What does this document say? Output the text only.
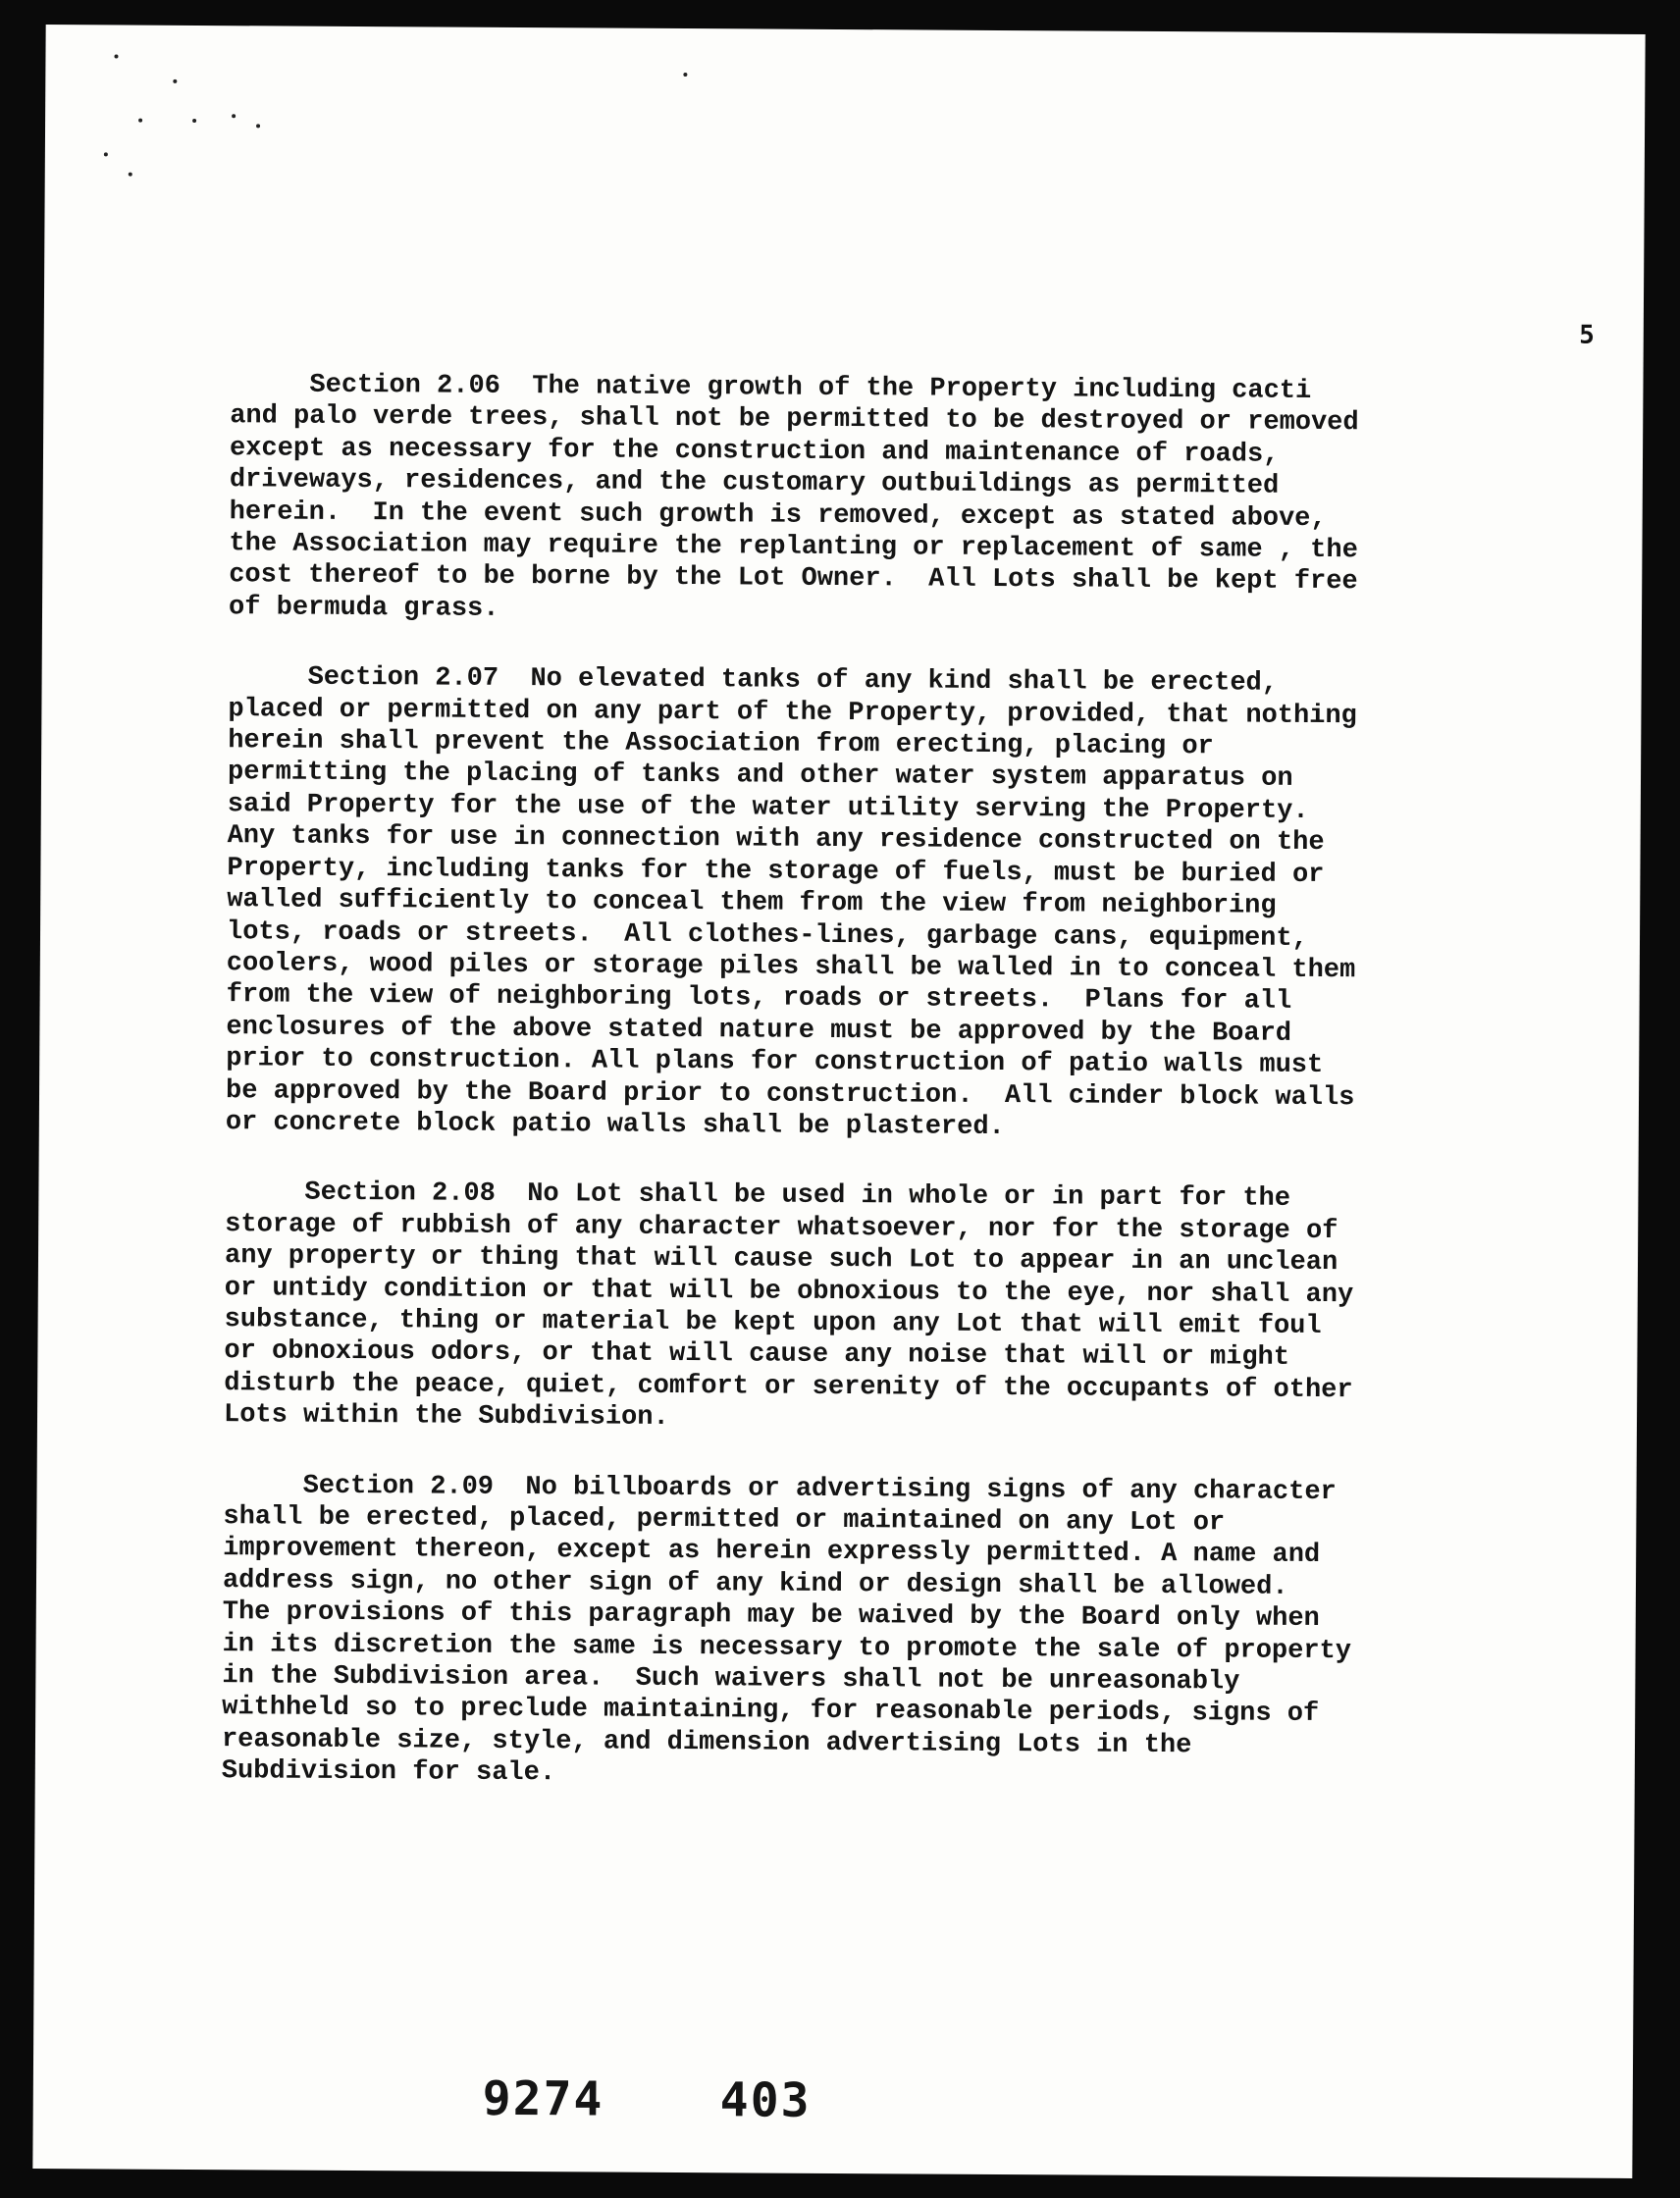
5
Section 2.06  The native growth of the Property including cacti
and palo verde trees, shall not be permitted to be destroyed or removed
except as necessary for the construction and maintenance of roads,
driveways, residences, and the customary outbuildings as permitted
herein.  In the event such growth is removed, except as stated above,
the Association may require the replanting or replacement of same , the
cost thereof to be borne by the Lot Owner.  All Lots shall be kept free
of bermuda grass.
Section 2.07  No elevated tanks of any kind shall be erected,
placed or permitted on any part of the Property, provided, that nothing
herein shall prevent the Association from erecting, placing or
permitting the placing of tanks and other water system apparatus on
said Property for the use of the water utility serving the Property.
Any tanks for use in connection with any residence constructed on the
Property, including tanks for the storage of fuels, must be buried or
walled sufficiently to conceal them from the view from neighboring
lots, roads or streets.  All clothes-lines, garbage cans, equipment,
coolers, wood piles or storage piles shall be walled in to conceal them
from the view of neighboring lots, roads or streets.  Plans for all
enclosures of the above stated nature must be approved by the Board
prior to construction. All plans for construction of patio walls must
be approved by the Board prior to construction.  All cinder block walls
or concrete block patio walls shall be plastered.
Section 2.08  No Lot shall be used in whole or in part for the
storage of rubbish of any character whatsoever, nor for the storage of
any property or thing that will cause such Lot to appear in an unclean
or untidy condition or that will be obnoxious to the eye, nor shall any
substance, thing or material be kept upon any Lot that will emit foul
or obnoxious odors, or that will cause any noise that will or might
disturb the peace, quiet, comfort or serenity of the occupants of other
Lots within the Subdivision.
Section 2.09  No billboards or advertising signs of any character
shall be erected, placed, permitted or maintained on any Lot or
improvement thereon, except as herein expressly permitted. A name and
address sign, no other sign of any kind or design shall be allowed.
The provisions of this paragraph may be waived by the Board only when
in its discretion the same is necessary to promote the sale of property
in the Subdivision area.  Such waivers shall not be unreasonably
withheld so to preclude maintaining, for reasonable periods, signs of
reasonable size, style, and dimension advertising Lots in the
Subdivision for sale.
9274 403
